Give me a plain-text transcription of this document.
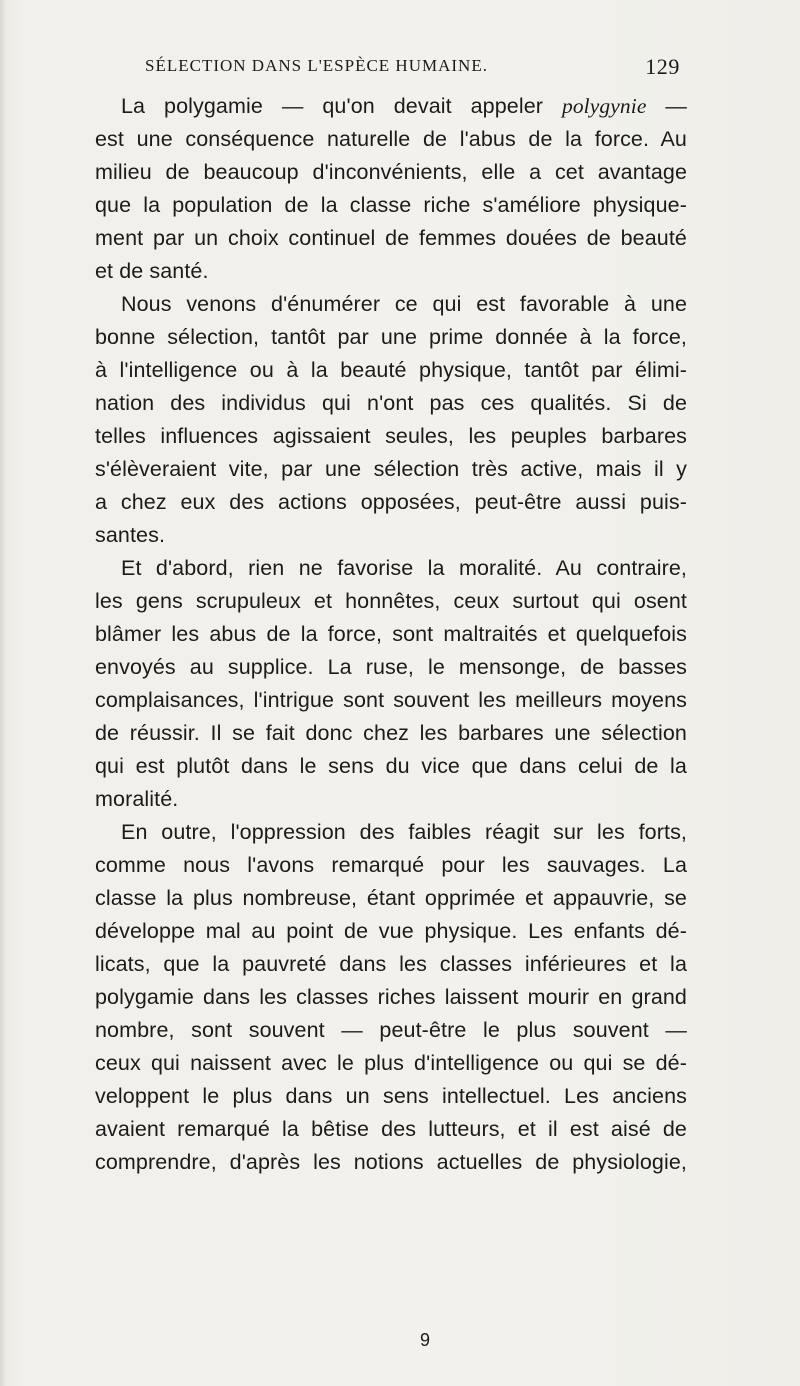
SÉLECTION DANS L'ESPÈCE HUMAINE.	129
La polygamie — qu'on devait appeler polygynie —
est une conséquence naturelle de l'abus de la force. Au
milieu de beaucoup d'inconvénients, elle a cet avantage
que la population de la classe riche s'améliore physique-
ment par un choix continuel de femmes douées de beauté
et de santé.
Nous venons d'énumérer ce qui est favorable à une
bonne sélection, tantôt par une prime donnée à la force,
à l'intelligence ou à la beauté physique, tantôt par élimi-
nation des individus qui n'ont pas ces qualités. Si de
telles influences agissaient seules, les peuples barbares
s'élèveraient vite, par une sélection très active, mais il y
a chez eux des actions opposées, peut-être aussi puis-
santes.
Et d'abord, rien ne favorise la moralité. Au contraire,
les gens scrupuleux et honnêtes, ceux surtout qui osent
blâmer les abus de la force, sont maltraités et quelquefois
envoyés au supplice. La ruse, le mensonge, de basses
complaisances, l'intrigue sont souvent les meilleurs moyens
de réussir. Il se fait donc chez les barbares une sélection
qui est plutôt dans le sens du vice que dans celui de la
moralité.
En outre, l'oppression des faibles réagit sur les forts,
comme nous l'avons remarqué pour les sauvages. La
classe la plus nombreuse, étant opprimée et appauvrie, se
développe mal au point de vue physique. Les enfants dé-
licats, que la pauvreté dans les classes inférieures et la
polygamie dans les classes riches laissent mourir en grand
nombre, sont souvent — peut-être le plus souvent —
ceux qui naissent avec le plus d'intelligence ou qui se dé-
veloppent le plus dans un sens intellectuel. Les anciens
avaient remarqué la bêtise des lutteurs, et il est aisé de
comprendre, d'après les notions actuelles de physiologie,
9
